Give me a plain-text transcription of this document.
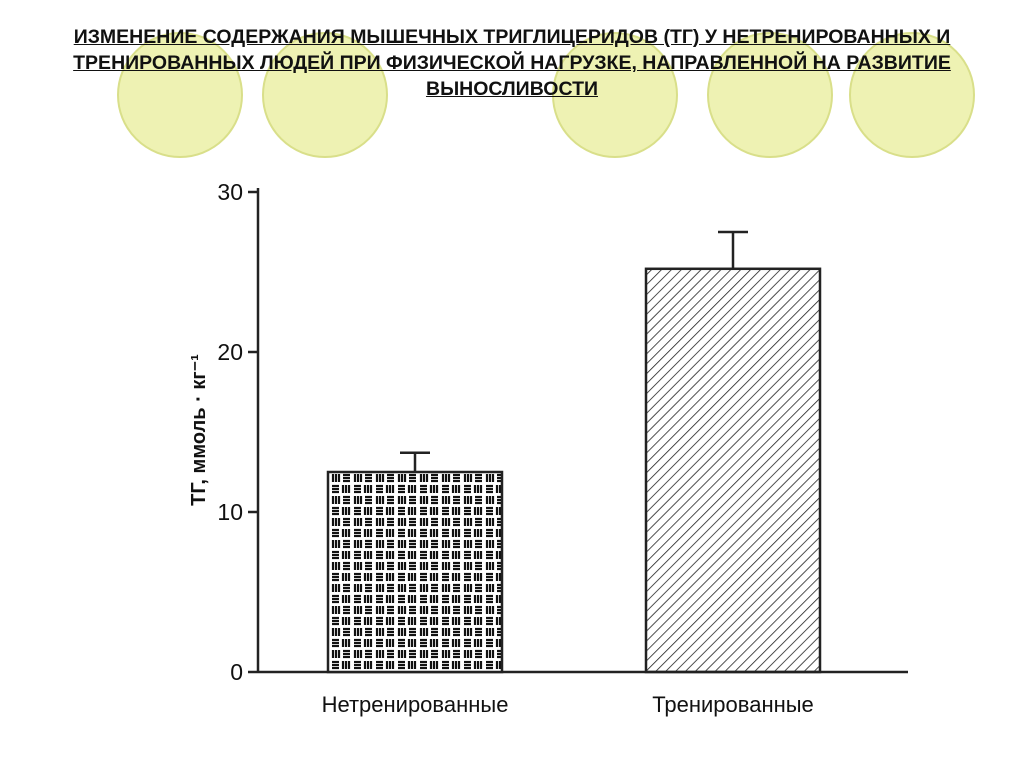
ИЗМЕНЕНИЕ СОДЕРЖАНИЯ МЫШЕЧНЫХ ТРИГЛИЦЕРИДОВ (ТГ) У НЕТРЕНИРОВАННЫХ И ТРЕНИРОВАННЫХ ЛЮДЕЙ ПРИ ФИЗИЧЕСКОЙ НАГРУЗКЕ, НАПРАВЛЕННОЙ НА РАЗВИТИЕ ВЫНОСЛИВОСТИ
0
10
20
30
Нетренированные	Тренированные
ТГ, ммоль · кг⁻¹
